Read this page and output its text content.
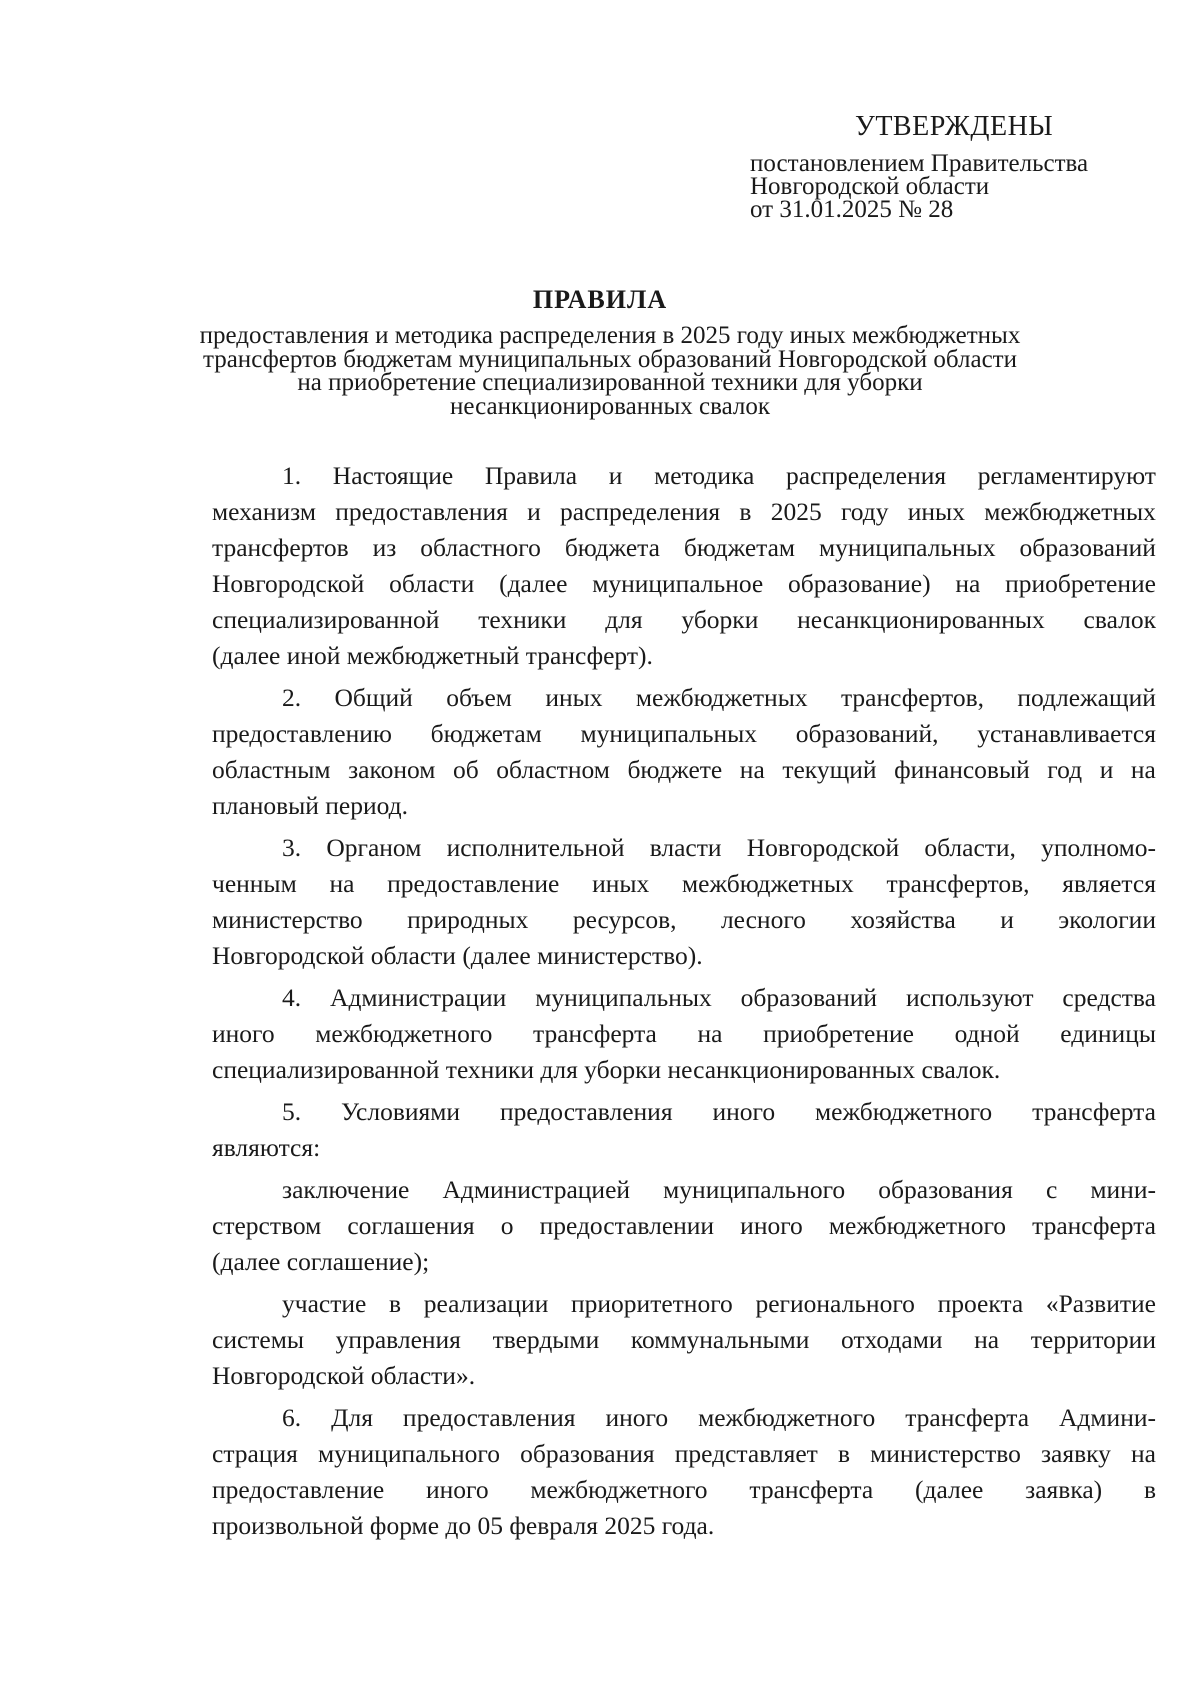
УТВЕРЖДЕНЫ
постановлением Правительства
Новгородской области
от 31.01.2025 № 28
ПРАВИЛА
предоставления и методика распределения в 2025 году иных межбюджетных
трансфертов бюджетам муниципальных образований Новгородской области
на приобретение специализированной техники для уборки
несанкционированных свалок
1. Настоящие Правила и методика распределения регламентируют
механизм предоставления и распределения в 2025 году иных межбюджетных
трансфертов из областного бюджета бюджетам муниципальных образований
Новгородской области (далее муниципальное образование) на приобретение
специализированной техники для уборки несанкционированных свалок
(далее иной межбюджетный трансферт).
2. Общий объем иных межбюджетных трансфертов, подлежащий
предоставлению бюджетам муниципальных образований, устанавливается
областным законом об областном бюджете на текущий финансовый год и на
плановый период.
3. Органом исполнительной власти Новгородской области, уполномо-
ченным на предоставление иных межбюджетных трансфертов, является
министерство природных ресурсов, лесного хозяйства и экологии
Новгородской области (далее министерство).
4. Администрации муниципальных образований используют средства
иного межбюджетного трансферта на приобретение одной единицы
специализированной техники для уборки несанкционированных свалок.
5. Условиями предоставления иного межбюджетного трансферта
являются:
заключение Администрацией муниципального образования с мини-
стерством соглашения о предоставлении иного межбюджетного трансферта
(далее соглашение);
участие в реализации приоритетного регионального проекта «Развитие
системы управления твердыми коммунальными отходами на территории
Новгородской области».
6. Для предоставления иного межбюджетного трансферта Админи-
страция муниципального образования представляет в министерство заявку на
предоставление иного межбюджетного трансферта (далее заявка) в
произвольной форме до 05 февраля 2025 года.
